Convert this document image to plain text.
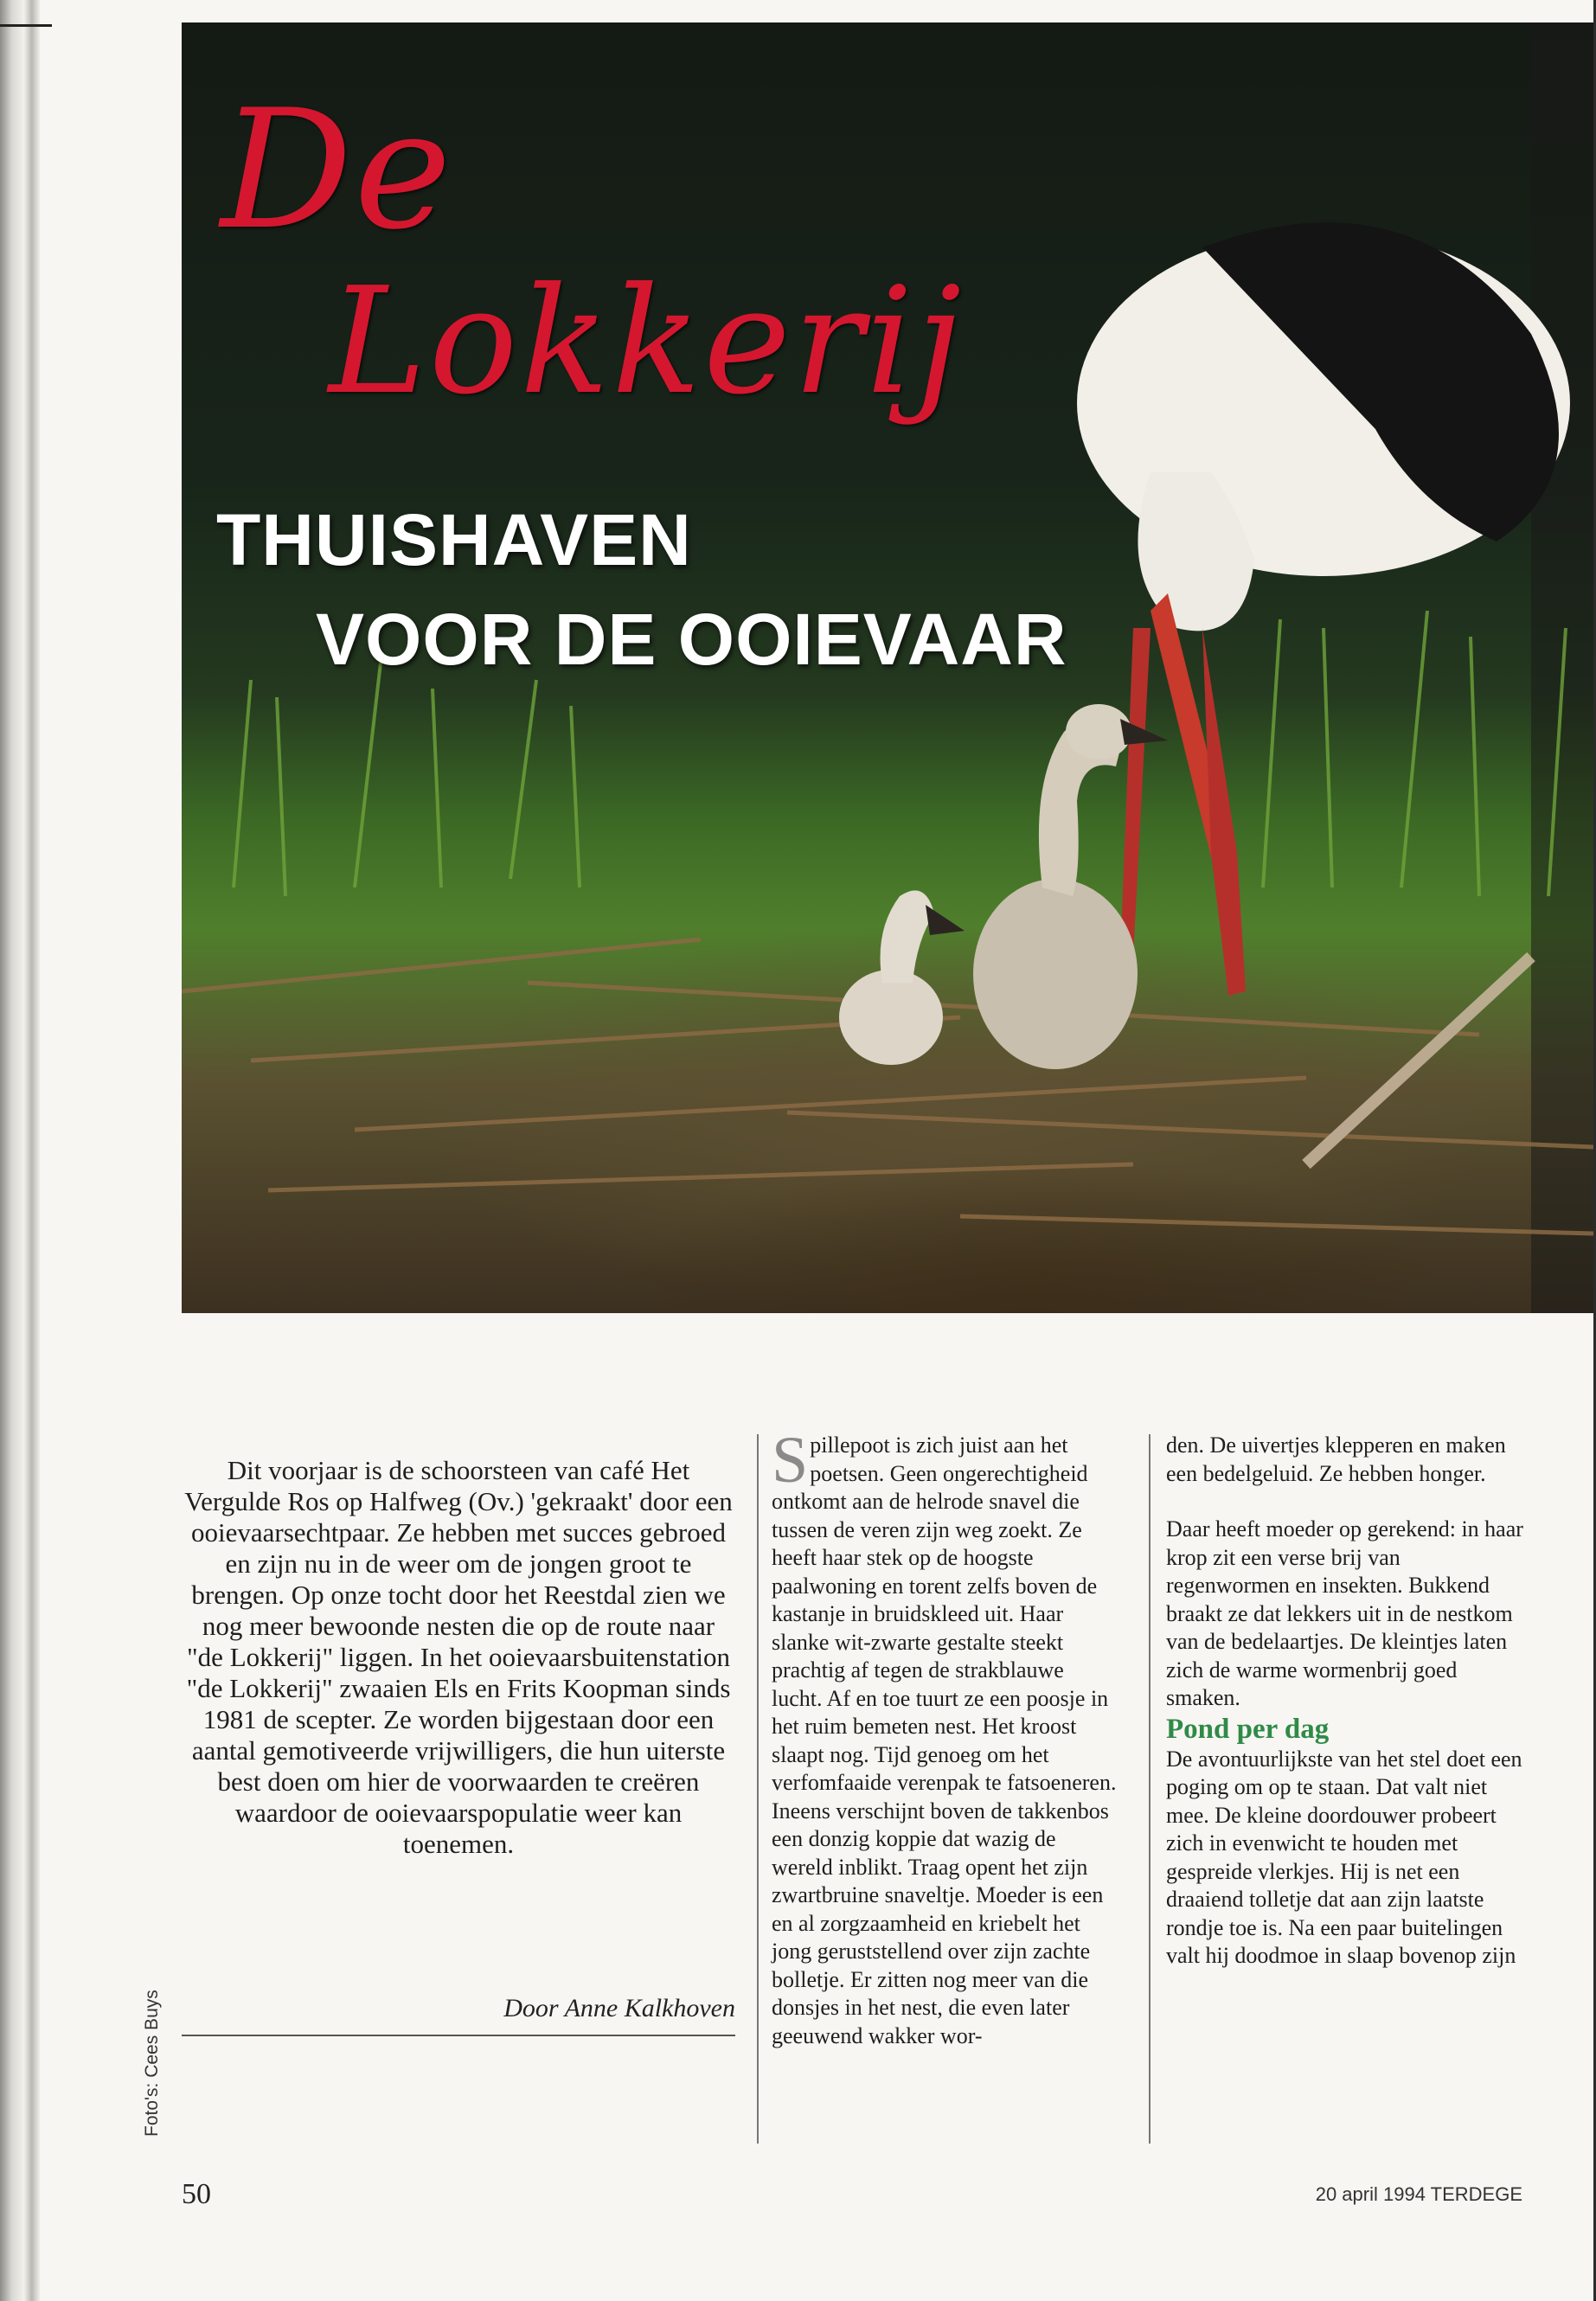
De

Lokkerij

THUISHAVEN
VOOR DE OOIEVAAR
Foto's: Cees Buys

Dit voorjaar is de schoorsteen van café Het Vergulde Ros op Halfweg (Ov.) 'gekraakt' door een ooievaarsechtpaar. Ze hebben met succes gebroed en zijn nu in de weer om de jongen groot te brengen. Op onze tocht door het Reestdal zien we nog meer bewoonde nesten die op de route naar "de Lokkerij" liggen. In het ooievaarsbuitenstation "de Lokkerij" zwaaien Els en Frits Koopman sinds 1981 de scepter. Ze worden bijgestaan door een aantal gemotiveerde vrijwilligers, die hun uiterste best doen om hier de voorwaarden te creëren waardoor de ooievaarspopulatie weer kan toenemen.

Door Anne Kalkhoven

Spillepoot is zich juist aan het poetsen. Geen ongerechtigheid ontkomt aan de helrode snavel die tussen de veren zijn weg zoekt. Ze heeft haar stek op de hoogste paalwoning en torent zelfs boven de kastanje in bruidskleed uit. Haar slanke wit-zwarte gestalte steekt prachtig af tegen de strakblauwe lucht. Af en toe tuurt ze een poosje in het ruim bemeten nest. Het kroost slaapt nog. Tijd genoeg om het verfomfaaide verenpak te fatsoeneren. Ineens verschijnt boven de takkenbos een donzig koppie dat wazig de wereld inblikt. Traag opent het zijn zwartbruine snaveltje. Moeder is een en al zorgzaamheid en kriebelt het jong geruststellend over zijn zachte bolletje. Er zitten nog meer van die donsjes in het nest, die even later geeuwend wakker wor-

den. De uivertjes klepperen en maken een bedelgeluid. Ze hebben honger.

Daar heeft moeder op gerekend: in haar krop zit een verse brij van regenwormen en insekten. Bukkend braakt ze dat lekkers uit in de nestkom van de bedelaartjes. De kleintjes laten zich de warme wormenbrij goed smaken.

Pond per dag

De avontuurlijkste van het stel doet een poging om op te staan. Dat valt niet mee. De kleine doordouwer probeert zich in evenwicht te houden met gespreide vlerkjes. Hij is net een draaiend tolletje dat aan zijn laatste rondje toe is. Na een paar buitelingen valt hij doodmoe in slaap bovenop zijn

50	20 april 1994 TERDEGE
